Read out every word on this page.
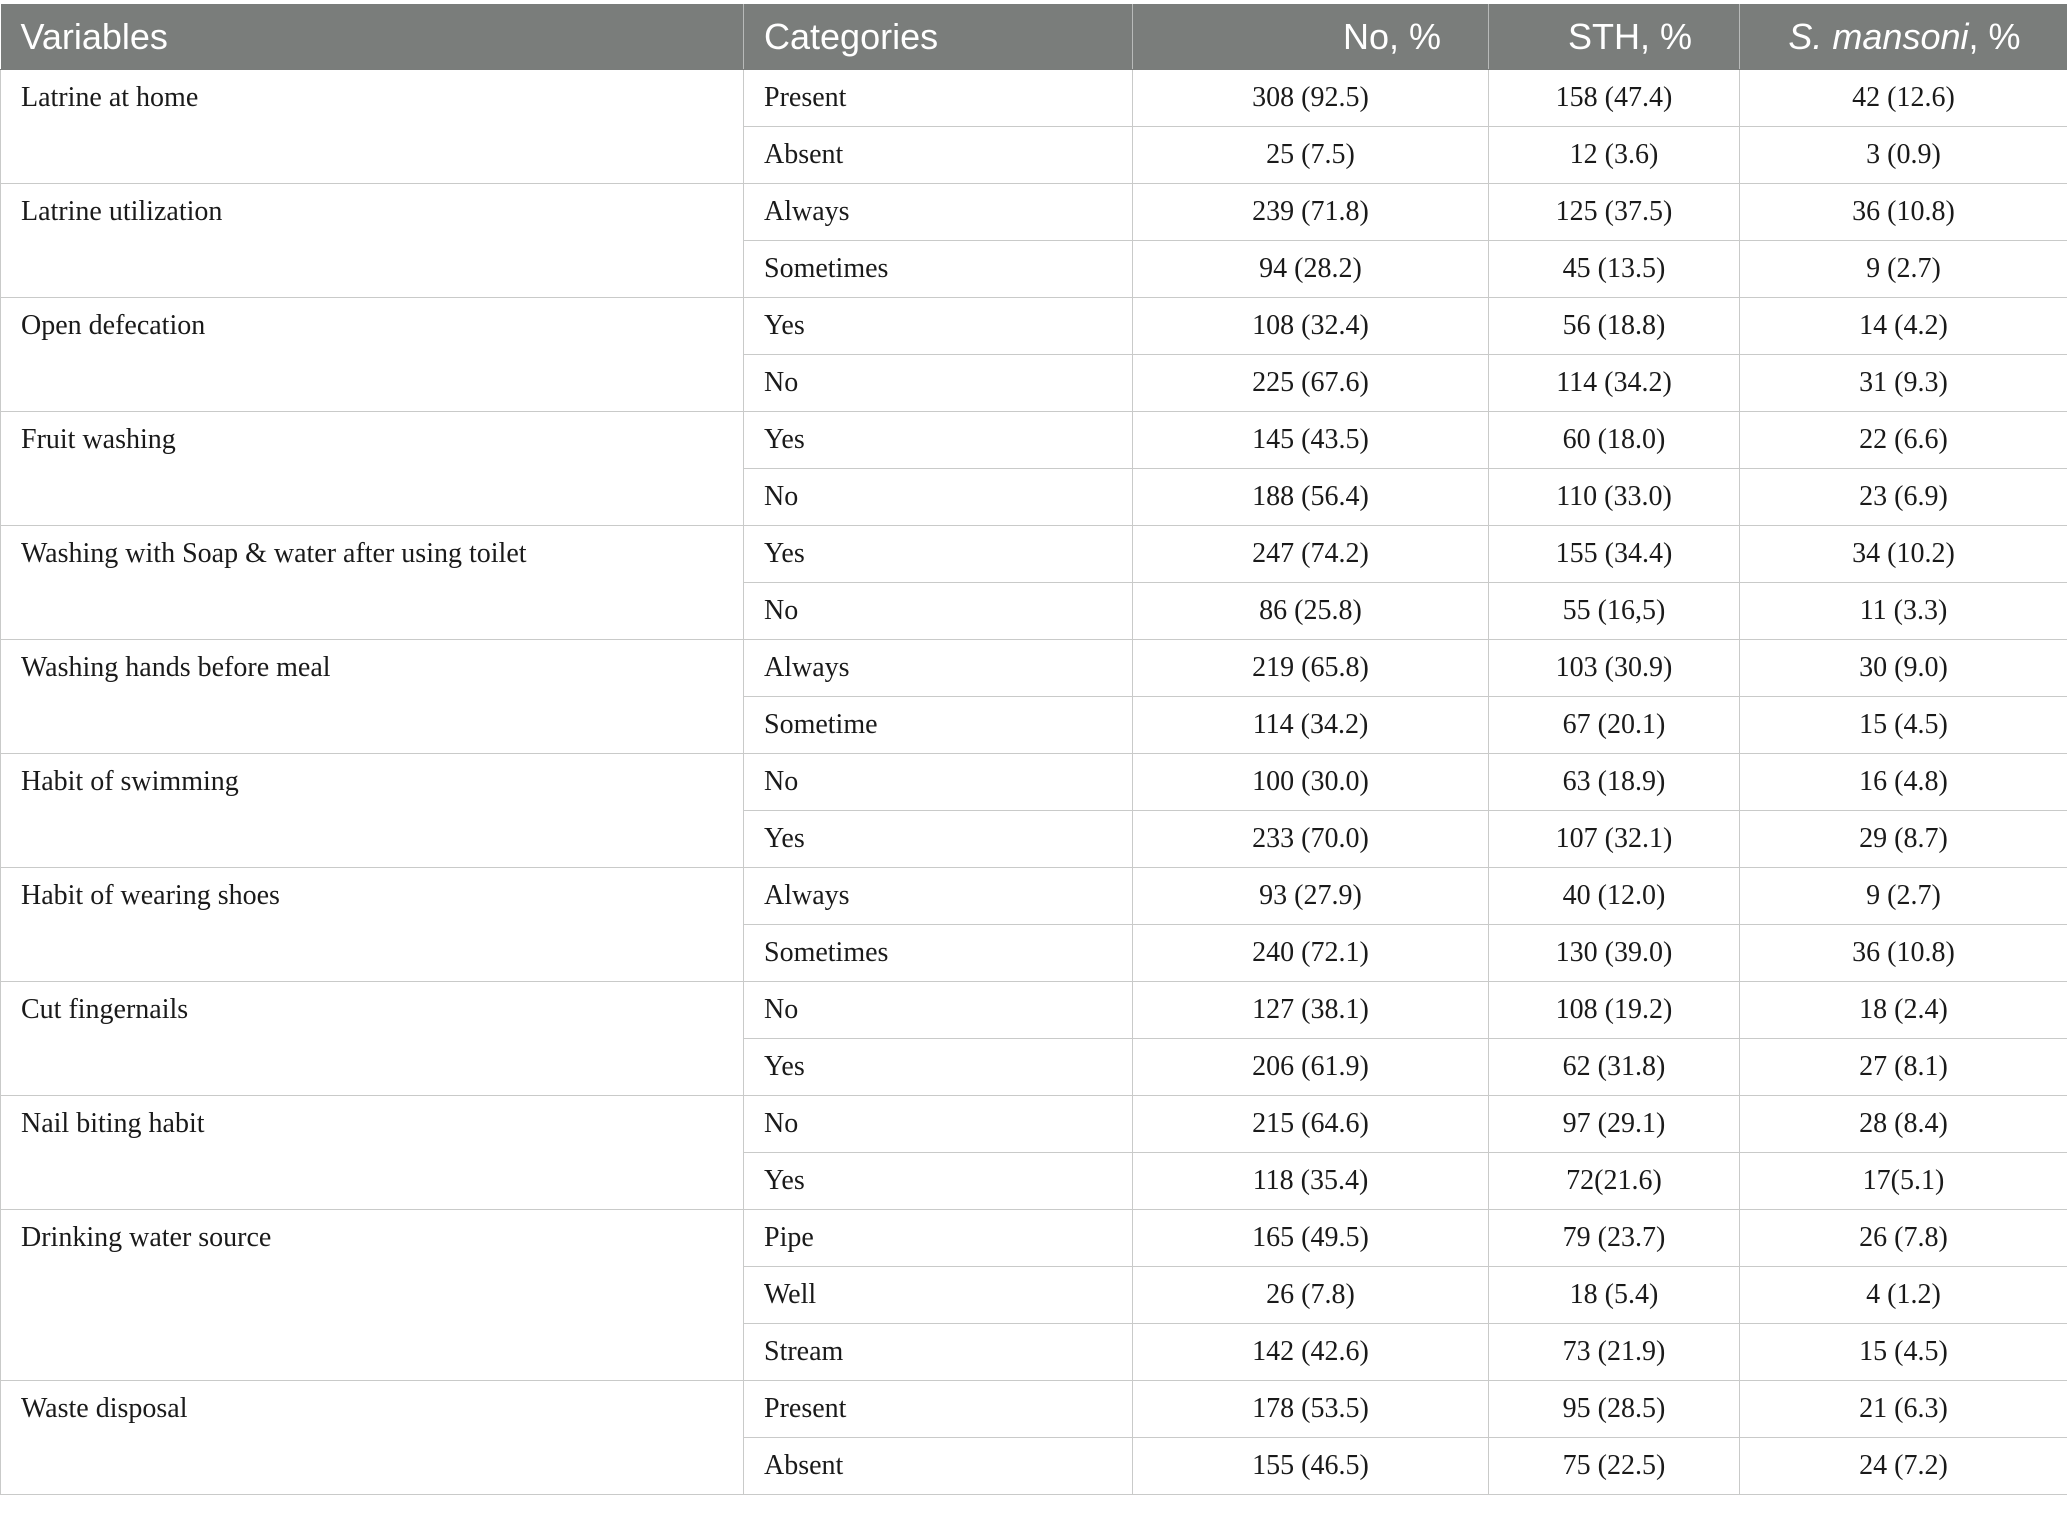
Variables	Categories	No, %	STH, %	S. mansoni, %
Latrine at home	Present	308 (92.5)	158 (47.4)	42 (12.6)
	Absent	25 (7.5)	12 (3.6)	3 (0.9)
Latrine utilization	Always	239 (71.8)	125 (37.5)	36 (10.8)
	Sometimes	94 (28.2)	45 (13.5)	9 (2.7)
Open defecation	Yes	108 (32.4)	56 (18.8)	14 (4.2)
	No	225 (67.6)	114 (34.2)	31 (9.3)
Fruit washing	Yes	145 (43.5)	60 (18.0)	22 (6.6)
	No	188 (56.4)	110 (33.0)	23 (6.9)
Washing with Soap & water after using toilet	Yes	247 (74.2)	155 (34.4)	34 (10.2)
	No	86 (25.8)	55 (16,5)	11 (3.3)
Washing hands before meal	Always	219 (65.8)	103 (30.9)	30 (9.0)
	Sometime	114 (34.2)	67 (20.1)	15 (4.5)
Habit of swimming	No	100 (30.0)	63 (18.9)	16 (4.8)
	Yes	233 (70.0)	107 (32.1)	29 (8.7)
Habit of wearing shoes	Always	93 (27.9)	40 (12.0)	9 (2.7)
	Sometimes	240 (72.1)	130 (39.0)	36 (10.8)
Cut fingernails	No	127 (38.1)	108 (19.2)	18 (2.4)
	Yes	206 (61.9)	62 (31.8)	27 (8.1)
Nail biting habit	No	215 (64.6)	97 (29.1)	28 (8.4)
	Yes	118 (35.4)	72(21.6)	17(5.1)
Drinking water source	Pipe	165 (49.5)	79 (23.7)	26 (7.8)
	Well	26 (7.8)	18 (5.4)	4 (1.2)
	Stream	142 (42.6)	73 (21.9)	15 (4.5)
Waste disposal	Present	178 (53.5)	95 (28.5)	21 (6.3)
	Absent	155 (46.5)	75 (22.5)	24 (7.2)
